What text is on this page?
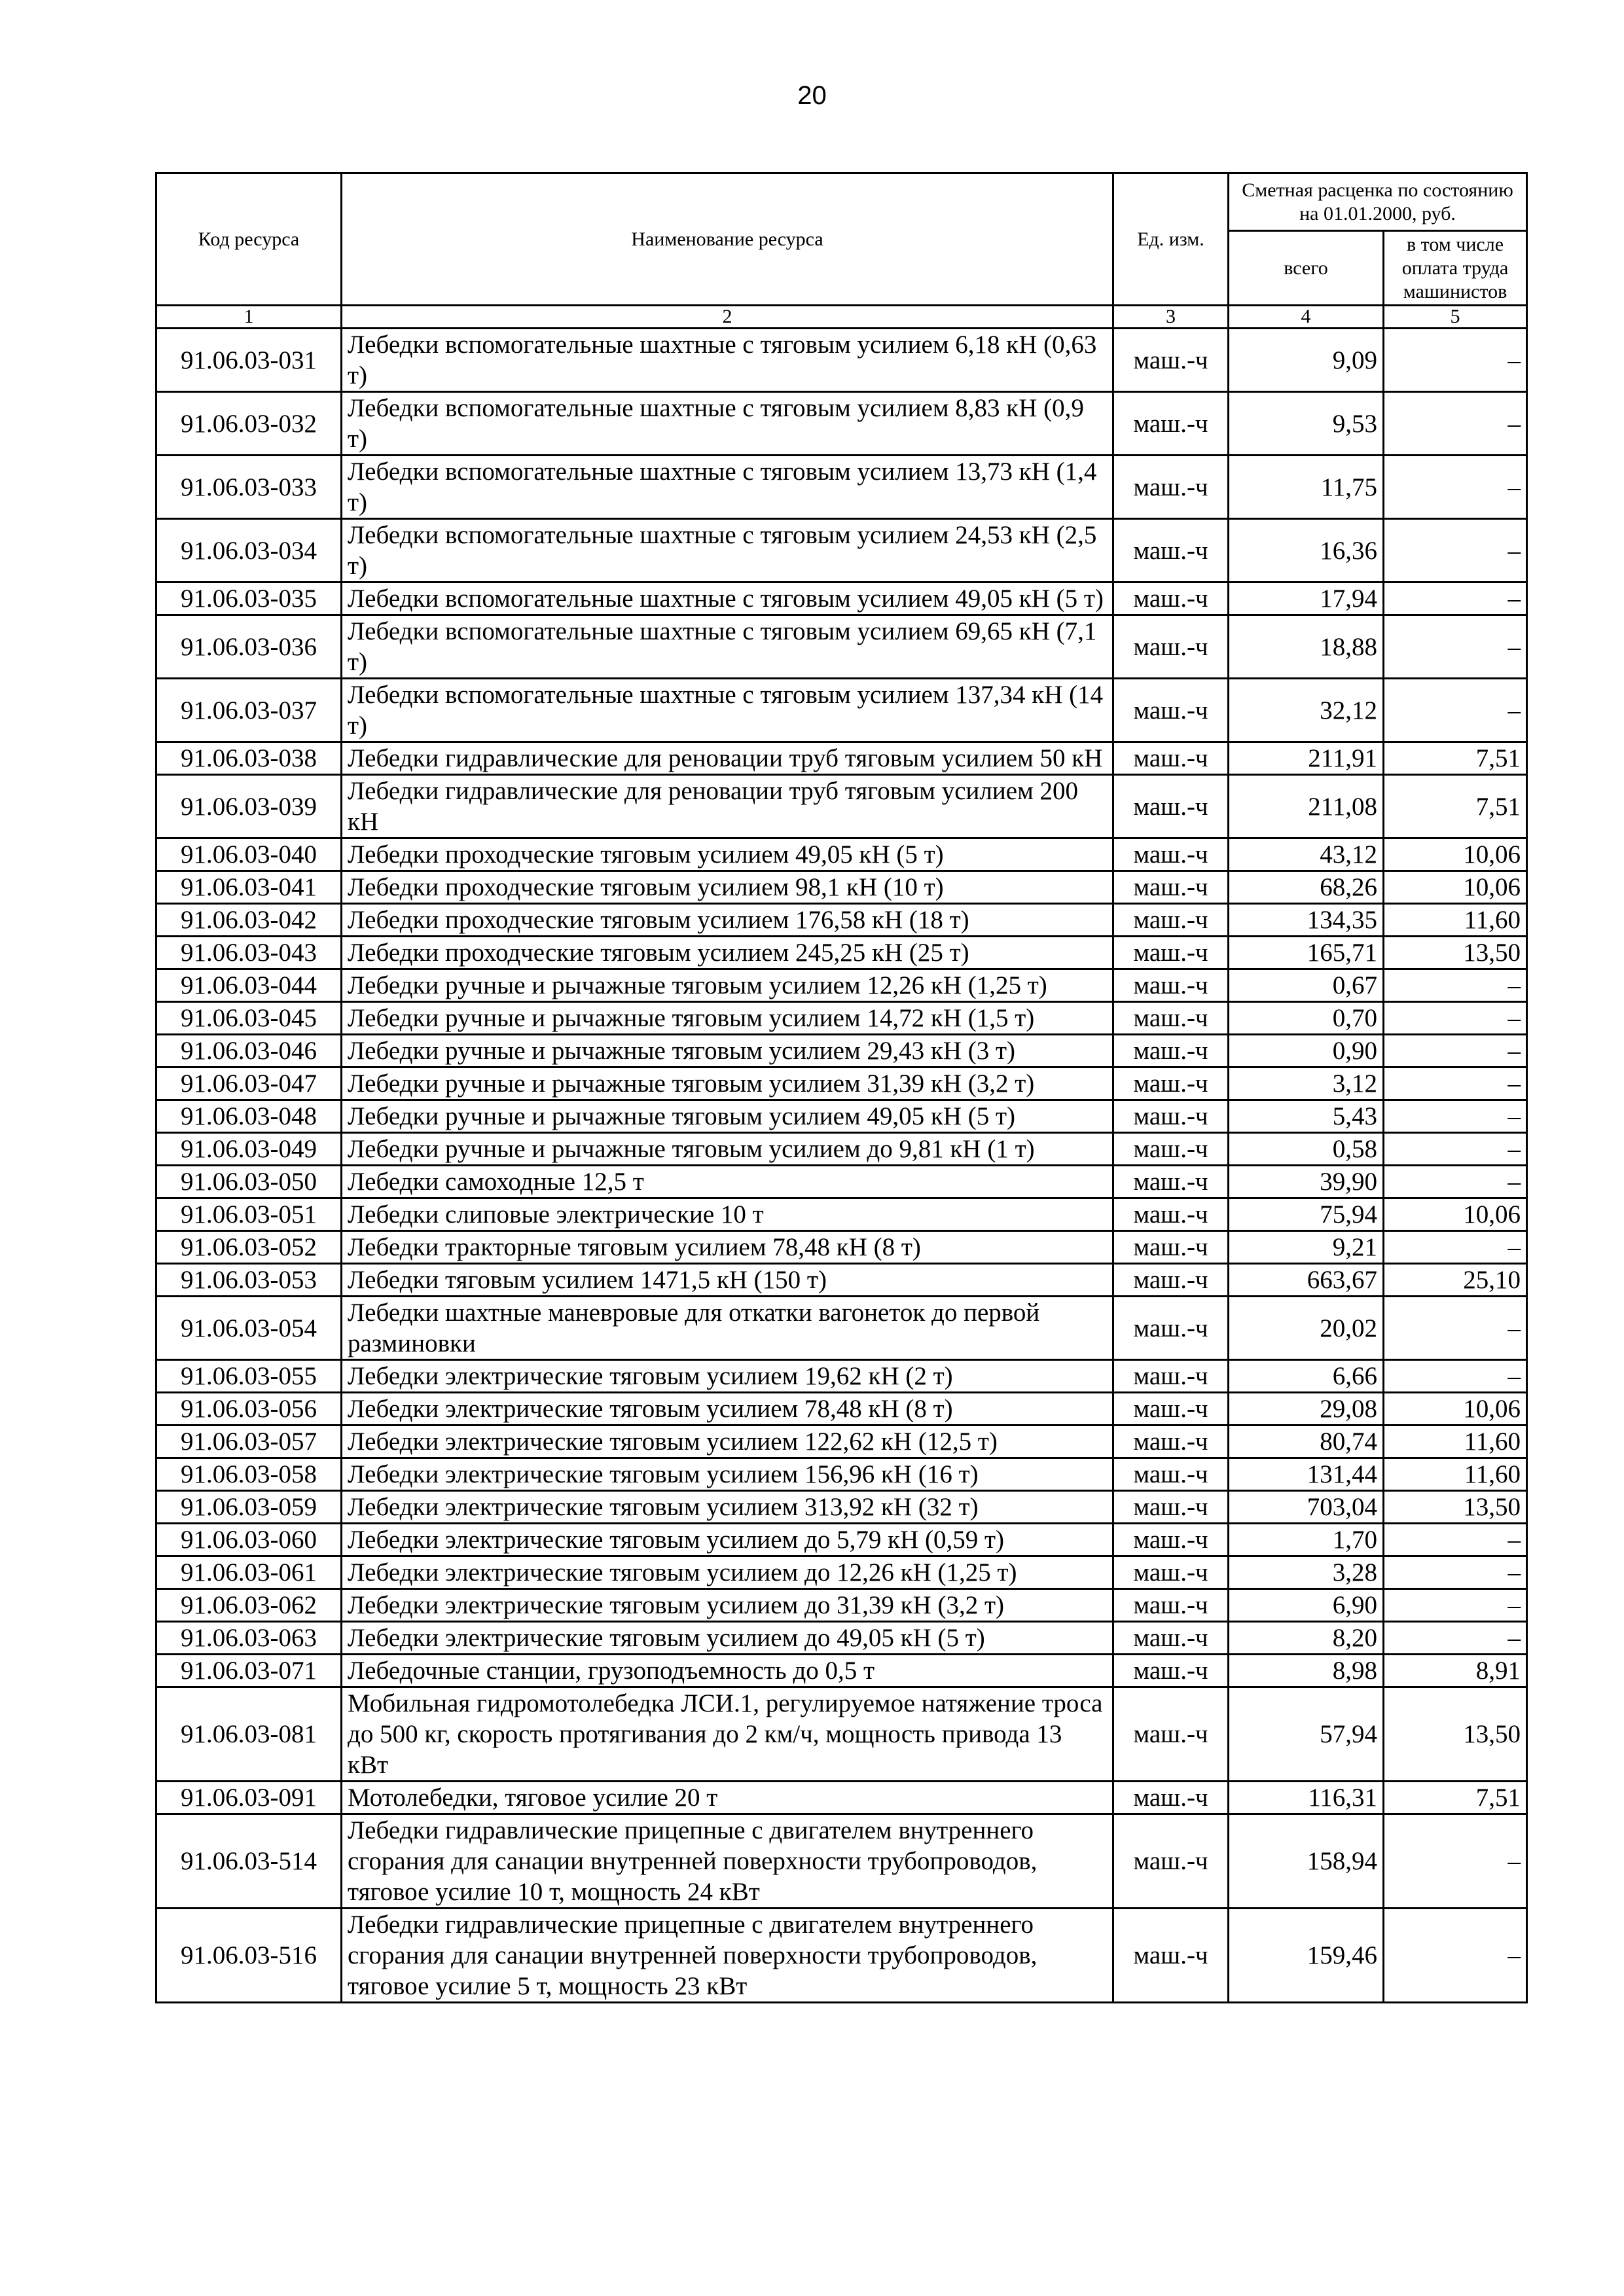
20
Код ресурса	Наименование ресурса	Ед. изм.	Сметная расценка по состоянию на 01.01.2000, руб.	
			всего	в том числе оплата труда машинистов
1	2	3	4	5
91.06.03-031	Лебедки вспомогательные шахтные с тяговым усилием 6,18 кН (0,63 т)	маш.-ч	9,09	–
91.06.03-032	Лебедки вспомогательные шахтные с тяговым усилием 8,83 кН (0,9 т)	маш.-ч	9,53	–
91.06.03-033	Лебедки вспомогательные шахтные с тяговым усилием 13,73 кН (1,4 т)	маш.-ч	11,75	–
91.06.03-034	Лебедки вспомогательные шахтные с тяговым усилием 24,53 кН (2,5 т)	маш.-ч	16,36	–
91.06.03-035	Лебедки вспомогательные шахтные с тяговым усилием 49,05 кН (5 т)	маш.-ч	17,94	–
91.06.03-036	Лебедки вспомогательные шахтные с тяговым усилием 69,65 кН (7,1 т)	маш.-ч	18,88	–
91.06.03-037	Лебедки вспомогательные шахтные с тяговым усилием 137,34 кН (14 т)	маш.-ч	32,12	–
91.06.03-038	Лебедки гидравлические для реновации труб тяговым усилием 50 кН	маш.-ч	211,91	7,51
91.06.03-039	Лебедки гидравлические для реновации труб тяговым усилием 200 кН	маш.-ч	211,08	7,51
91.06.03-040	Лебедки проходческие тяговым усилием 49,05 кН (5 т)	маш.-ч	43,12	10,06
91.06.03-041	Лебедки проходческие тяговым усилием 98,1 кН (10 т)	маш.-ч	68,26	10,06
91.06.03-042	Лебедки проходческие тяговым усилием 176,58 кН (18 т)	маш.-ч	134,35	11,60
91.06.03-043	Лебедки проходческие тяговым усилием 245,25 кН (25 т)	маш.-ч	165,71	13,50
91.06.03-044	Лебедки ручные и рычажные тяговым усилием 12,26 кН (1,25 т)	маш.-ч	0,67	–
91.06.03-045	Лебедки ручные и рычажные тяговым усилием 14,72 кН (1,5 т)	маш.-ч	0,70	–
91.06.03-046	Лебедки ручные и рычажные тяговым усилием 29,43 кН (3 т)	маш.-ч	0,90	–
91.06.03-047	Лебедки ручные и рычажные тяговым усилием 31,39 кН (3,2 т)	маш.-ч	3,12	–
91.06.03-048	Лебедки ручные и рычажные тяговым усилием 49,05 кН (5 т)	маш.-ч	5,43	–
91.06.03-049	Лебедки ручные и рычажные тяговым усилием до 9,81 кН (1 т)	маш.-ч	0,58	–
91.06.03-050	Лебедки самоходные 12,5 т	маш.-ч	39,90	–
91.06.03-051	Лебедки слиповые электрические 10 т	маш.-ч	75,94	10,06
91.06.03-052	Лебедки тракторные тяговым усилием 78,48 кН (8 т)	маш.-ч	9,21	–
91.06.03-053	Лебедки тяговым усилием 1471,5 кН (150 т)	маш.-ч	663,67	25,10
91.06.03-054	Лебедки шахтные маневровые для откатки вагонеток до первой разминовки	маш.-ч	20,02	–
91.06.03-055	Лебедки электрические тяговым усилием 19,62 кН (2 т)	маш.-ч	6,66	–
91.06.03-056	Лебедки электрические тяговым усилием 78,48 кН (8 т)	маш.-ч	29,08	10,06
91.06.03-057	Лебедки электрические тяговым усилием 122,62 кН (12,5 т)	маш.-ч	80,74	11,60
91.06.03-058	Лебедки электрические тяговым усилием 156,96 кН (16 т)	маш.-ч	131,44	11,60
91.06.03-059	Лебедки электрические тяговым усилием 313,92 кН (32 т)	маш.-ч	703,04	13,50
91.06.03-060	Лебедки электрические тяговым усилием до 5,79 кН (0,59 т)	маш.-ч	1,70	–
91.06.03-061	Лебедки электрические тяговым усилием до 12,26 кН (1,25 т)	маш.-ч	3,28	–
91.06.03-062	Лебедки электрические тяговым усилием до 31,39 кН (3,2 т)	маш.-ч	6,90	–
91.06.03-063	Лебедки электрические тяговым усилием до 49,05 кН (5 т)	маш.-ч	8,20	–
91.06.03-071	Лебедочные станции, грузоподъемность до 0,5 т	маш.-ч	8,98	8,91
91.06.03-081	Мобильная гидромотолебедка ЛСИ.1, регулируемое натяжение троса до 500 кг, скорость протягивания до 2 км/ч, мощность привода 13 кВт	маш.-ч	57,94	13,50
91.06.03-091	Мотолебедки, тяговое усилие 20 т	маш.-ч	116,31	7,51
91.06.03-514	Лебедки гидравлические прицепные с двигателем внутреннего сгорания для санации внутренней поверхности трубопроводов, тяговое усилие 10 т, мощность 24 кВт	маш.-ч	158,94	–
91.06.03-516	Лебедки гидравлические прицепные с двигателем внутреннего сгорания для санации внутренней поверхности трубопроводов, тяговое усилие 5 т, мощность 23 кВт	маш.-ч	159,46	–
